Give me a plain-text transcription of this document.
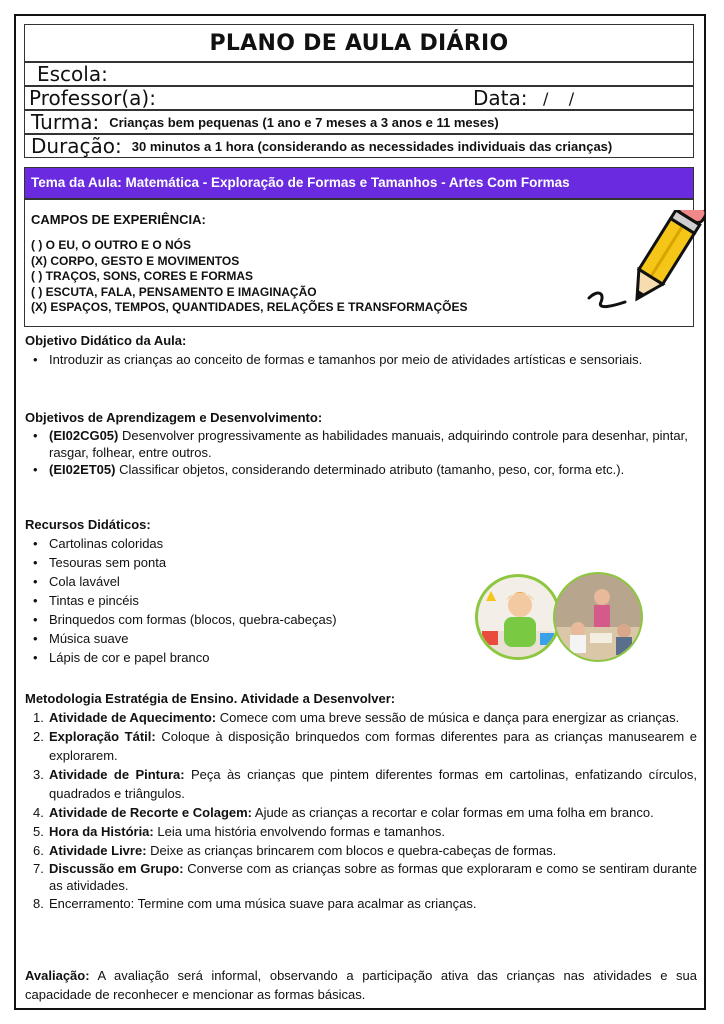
PLANO DE AULA DIÁRIO
Escola:
Professor(a):	Data: /    /
Turma: Crianças bem pequenas (1 ano e 7 meses a 3 anos e 11 meses)
Duração: 30 minutos a 1 hora (considerando as necessidades individuais das crianças)
Tema da Aula: Matemática - Exploração de Formas e Tamanhos - Artes Com Formas
CAMPOS DE EXPERIÊNCIA:
( ) O EU, O OUTRO E O NÓS
(X) CORPO, GESTO E MOVIMENTOS
( ) TRAÇOS, SONS, CORES E FORMAS
( ) ESCUTA, FALA, PENSAMENTO E IMAGINAÇÃO
(X) ESPAÇOS, TEMPOS, QUANTIDADES, RELAÇÕES E TRANSFORMAÇÕES
Objetivo Didático da Aula:
• Introduzir as crianças ao conceito de formas e tamanhos por meio de atividades artísticas e sensoriais.
Objetivos de Aprendizagem e Desenvolvimento:
• (EI02CG05) Desenvolver progressivamente as habilidades manuais, adquirindo controle para desenhar, pintar, rasgar, folhear, entre outros.
• (EI02ET05) Classificar objetos, considerando determinado atributo (tamanho, peso, cor, forma etc.).
Recursos Didáticos:
• Cartolinas coloridas
• Tesouras sem ponta
• Cola lavável
• Tintas e pincéis
• Brinquedos com formas (blocos, quebra-cabeças)
• Música suave
• Lápis de cor e papel branco
Metodologia Estratégia de Ensino. Atividade a Desenvolver:
1. Atividade de Aquecimento: Comece com uma breve sessão de música e dança para energizar as crianças.
2. Exploração Tátil: Coloque à disposição brinquedos com formas diferentes para as crianças manusearem e explorarem.
3. Atividade de Pintura: Peça às crianças que pintem diferentes formas em cartolinas, enfatizando círculos, quadrados e triângulos.
4. Atividade de Recorte e Colagem: Ajude as crianças a recortar e colar formas em uma folha em branco.
5. Hora da História: Leia uma história envolvendo formas e tamanhos.
6. Atividade Livre: Deixe as crianças brincarem com blocos e quebra-cabeças de formas.
7. Discussão em Grupo: Converse com as crianças sobre as formas que exploraram e como se sentiram durante as atividades.
8. Encerramento: Termine com uma música suave para acalmar as crianças.
Avaliação: A avaliação será informal, observando a participação ativa das crianças nas atividades e sua capacidade de reconhecer e mencionar as formas básicas.
